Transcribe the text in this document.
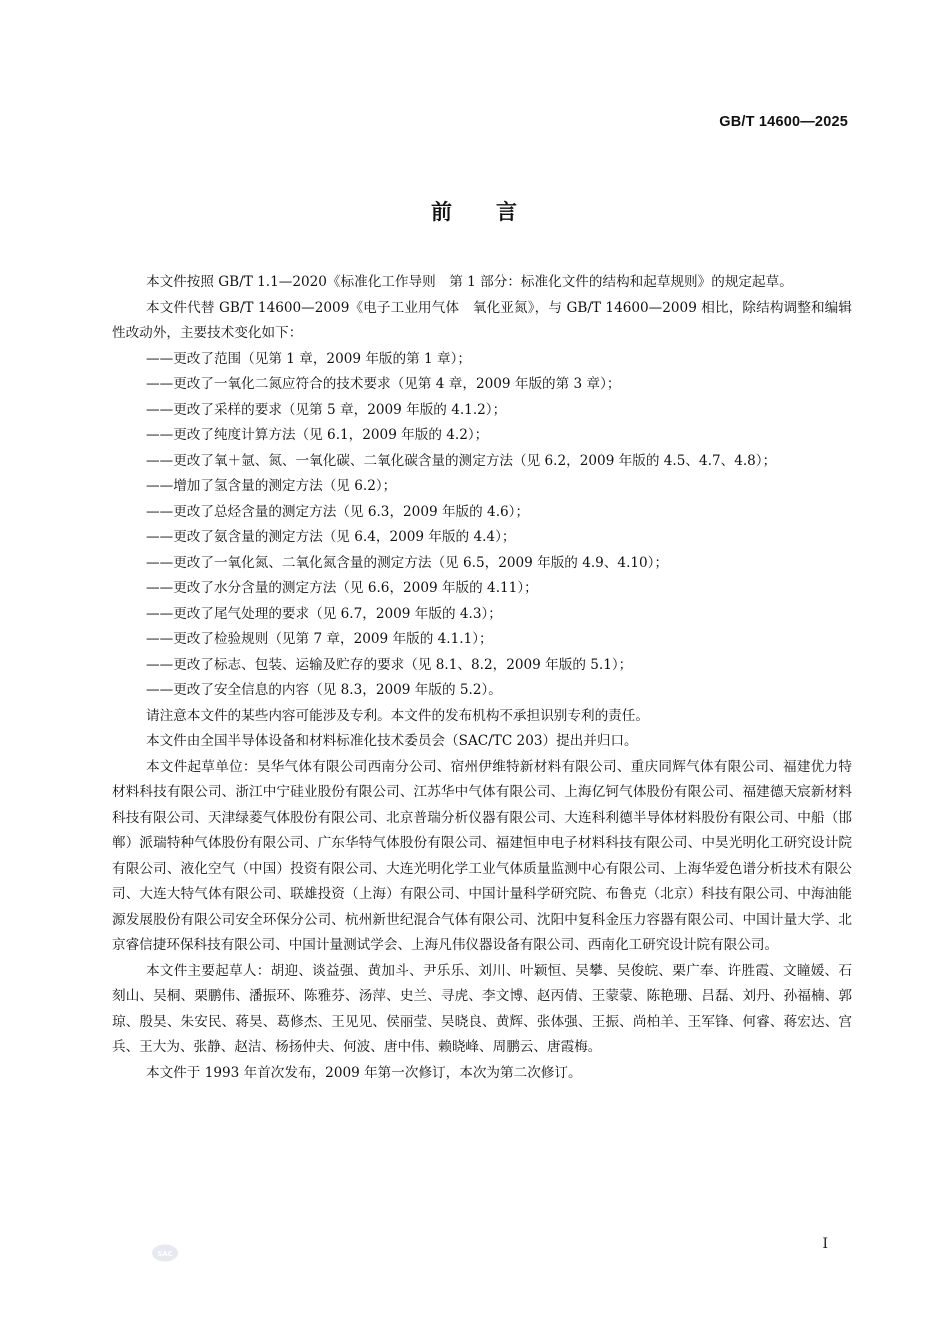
GB/T 14600—2025
前 言

本文件按照 GB/T 1.1—2020《标准化工作导则　第 1 部分：标准化文件的结构和起草规则》的规定起草。

本文件代替 GB/T 14600—2009《电子工业用气体　氧化亚氮》，与 GB/T 14600—2009 相比，除结构调整和编辑性改动外，主要技术变化如下：

——更改了范围（见第 1 章，2009 年版的第 1 章）；

——更改了一氧化二氮应符合的技术要求（见第 4 章，2009 年版的第 3 章）；

——更改了采样的要求（见第 5 章，2009 年版的 4.1.2）；

——更改了纯度计算方法（见 6.1，2009 年版的 4.2）；

——更改了氧＋氩、氮、一氧化碳、二氧化碳含量的测定方法（见 6.2，2009 年版的 4.5、4.7、4.8）；

——增加了氢含量的测定方法（见 6.2）；

——更改了总烃含量的测定方法（见 6.3，2009 年版的 4.6）；

——更改了氨含量的测定方法（见 6.4，2009 年版的 4.4）；

——更改了一氧化氮、二氧化氮含量的测定方法（见 6.5，2009 年版的 4.9、4.10）；

——更改了水分含量的测定方法（见 6.6，2009 年版的 4.11）；

——更改了尾气处理的要求（见 6.7，2009 年版的 4.3）；

——更改了检验规则（见第 7 章，2009 年版的 4.1.1）；

——更改了标志、包装、运输及贮存的要求（见 8.1、8.2，2009 年版的 5.1）；

——更改了安全信息的内容（见 8.3，2009 年版的 5.2）。

请注意本文件的某些内容可能涉及专利。本文件的发布机构不承担识别专利的责任。

本文件由全国半导体设备和材料标准化技术委员会（SAC/TC 203）提出并归口。

本文件起草单位：昊华气体有限公司西南分公司、宿州伊维特新材料有限公司、重庆同辉气体有限公司、福建优力特材料科技有限公司、浙江中宁硅业股份有限公司、江苏华中气体有限公司、上海亿钶气体股份有限公司、福建德天宸新材料科技有限公司、天津绿菱气体股份有限公司、北京普瑞分析仪器有限公司、大连科利德半导体材料股份有限公司、中船（邯郸）派瑞特种气体股份有限公司、广东华特气体股份有限公司、福建恒申电子材料科技有限公司、中昊光明化工研究设计院有限公司、液化空气（中国）投资有限公司、大连光明化学工业气体质量监测中心有限公司、上海华爱色谱分析技术有限公司、大连大特气体有限公司、联雄投资（上海）有限公司、中国计量科学研究院、布鲁克（北京）科技有限公司、中海油能源发展股份有限公司安全环保分公司、杭州新世纪混合气体有限公司、沈阳中复科金压力容器有限公司、中国计量大学、北京睿信捷环保科技有限公司、中国计量测试学会、上海凡伟仪器设备有限公司、西南化工研究设计院有限公司。

本文件主要起草人：胡迎、谈益强、黄加斗、尹乐乐、刘川、叶颖恒、吴攀、吴俊皖、栗广奉、许胜霞、文瞳媛、石刻山、吴桐、栗鹏伟、潘振环、陈雅芬、汤萍、史兰、寻虎、李文博、赵丙倩、王蒙蒙、陈艳珊、吕磊、刘丹、孙福楠、郭琼、殷昊、朱安民、蒋昊、葛修杰、王见见、侯丽莹、吴晓良、黄辉、张体强、王振、尚柏羊、王军锋、何睿、蒋宏达、宫兵、王大为、张静、赵洁、杨扬仲夫、何波、唐中伟、赖晓峰、周鹏云、唐霞梅。

本文件于 1993 年首次发布，2009 年第一次修订，本次为第二次修订。

SAC
I
